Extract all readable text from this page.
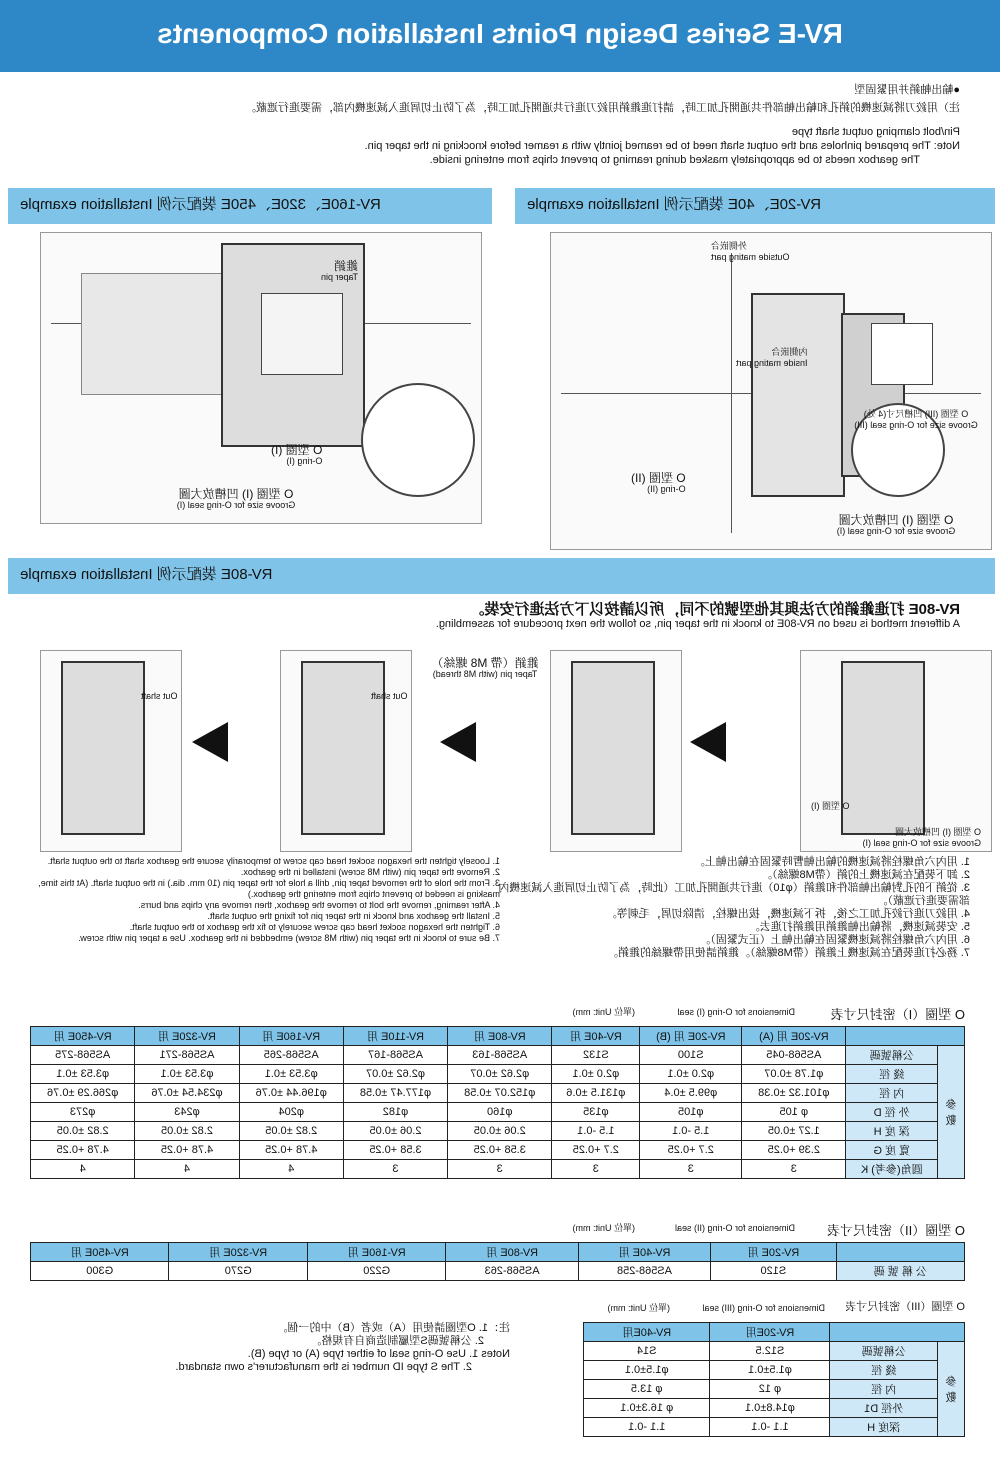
RV-E Series Design Points Installation Components
●輸出軸銷并用緊固型
注）用鉸刀將減速機的銷孔和輸出軸部件共通開孔加工時，請打進錐銷用鉸刀進行共通開孔加工時，為了防止切屑進入減速機內部，需要進行遮蔽。
Pin/bolt clamping output shaft type
Note: The prepared pinholes and the output shaft need to be reamed jointly with a reamer before knocking in the taper pin.
The gearbox needs to be appropriately masked during reaming to prevent chips from entering inside.
RV-20E、40E 裝配示例 Installation example
RV-160E、320E、450E 裝配示例 Installation example
外側嵌合
Outside mating part
內側嵌合
Inside mating part
O 型圈 (III) 凹槽尺寸(4 处)
Groove size for O-ring seal (III)
O 型圈 (II)
O-ring (II)
O 型圈 (I) 凹槽放大圖
Groove size for O-ring seal (I)
錐銷
Taper pin
O 型圈 (I)
O-ring (I)
O 型圈 (I) 凹槽放大圖
Groove size for O-ring seal (I)
RV-80E 裝配示例 Installation example
RV-80E 打進錐銷的方法與其他型號的不同，所以請按以下方法進行安裝。
A different method is used on RV-80E to knock in the taper pin, so follow the next procedure for assembling.
O 型圈 (I)
O 型圈 (I) 凹槽放大圖
Groove size for O-ring seal (I)
錐銷（帶 M8 螺絲）
Taper pin (with M8 thread)
Out shaft
Out shaft
1. 用內六角螺栓將減速機的輸出軸暫時緊固在輸出軸上。
2. 卸下裝配在減速機上的銷（帶M8螺絲）。
3. 從銷下的孔對輸出軸部件和錐銷（φ10）進行共通開孔加工（此時，為了防止切屑進入減速機內部需要進行遮蔽）。
4. 用鉸刀進行鉸孔加工之後，拆下減速機，拔出螺栓，清除切屑，毛刺等。
5. 安裝減速機，將輸出軸錐銷用錐銷打進去。
6. 用內六角螺栓將減速機緊固在輸出軸上（正式緊固）。
7. 務必打進裝配在減速機上錐銷（帶M8螺絲）。錐銷請使用帶螺絲的錐銷。
1. Loosely tighten the hexagon socket head cap screw to temporarily secure the gearbox shaft to the output shaft.
2. Remove the taper pin (with M8 screw) installed in the gearbox.
3. From the hole of the removed taper pin, drill a hole for the taper pin (10 mm. dia.) in the output shaft. (At this time, masking is needed to prevent chips from entering the gearbox.)
4. After reaming, remove the bolt to remove the gearbox, then remove any chips and burrs.
5. Install the gearbox and knock in the taper pin for fixing the output shaft.
6. Tighten the hexagon socket head cap screw securely to fix the gearbox to the output shaft.
7. Be sure to knock in the taper pin (with M8 screw) embedded in the gearbox. Use a taper pin with screw.
O 型圈（I）密封尺寸表
Dimensions for O-ring (I) seal
(單位 Unit: mm)
		RV-20E 用 (A)	RV-20E 用 (B)	RV-40E 用	RV-80E 用	RV-110E 用	RV-160E 用	RV-320E 用	RV-450E 用
參數	公稱號碼	AS568-045	S100	S132	AS568-163	AS568-167	AS568-265	AS568-271	AS568-275
	綫 徑	φ1.78 ±0.07	φ2.0 ±0.1	φ2.0 ±0.1	φ2.62 ±0.07	φ2.62 ±0.07	φ3.53 ±0.1	φ3.53 ±0.1	φ3.53 ±0.1
	內 徑	φ101.32 ±0.38	φ99.5 ±0.4	φ131.5 ±0.6	φ152.07 ±0.58	φ177.47 ±0.58	φ196.44 ±0.76	φ234.54 ±0.76	φ266.29 ±0.76
	外 徑 D	φ 105	φ105	φ135	φ160	φ182	φ204	φ243	φ273
	深 度 H	1.27 ±0.05	1.5 -0.1	1.5 -0.1	2.06 ±0.05	2.06 ±0.05	2.82 ±0.05	2.82 ±0.05	2.82 ±0.05
	寬 度 G	2.39 +0.25	2.7 +0.25	2.7 +0.25	3.58 +0.25	3.58 +0.25	4.78 +0.25	4.78 +0.25	4.78 +0.25
	圓角(參考) K	3	3	3	3	3	4	4	4
O 型圈（II）密封尺寸表
Dimensions for O-ring (II) seal
(單位 Unit: mm)
	RV-20E 用	RV-40E 用	RV-80E 用	RV-160E 用	RV-320E 用	RV-450E 用
公 稱 號 碼	S120	AS568-258	AS568-263	G220	G270	G300
O 型圈（III）密封尺寸表
Dimensions for O-ring (III) seal
(單位 Unit: mm)
		RV-20E用	RV-40E用
參數	公稱號碼	S12.5	S14
	綫 徑	φ1.5±0.1	φ1.5±0.1
	內 徑	φ 12	φ 13.5
	外徑 D1	φ14.8±0.1	φ 16.3±0.1
	深度 H	1.1 -0.1	1.1 -0.1
注：1. O型圈請使用（A）或者（B）中的一個。
2. 公稱號碼S型屬制造商自有規格。
Notes 1. Use O-ring seal of either type (A) or type (B).
2. The S type ID number is the manufacturer's own standard.
